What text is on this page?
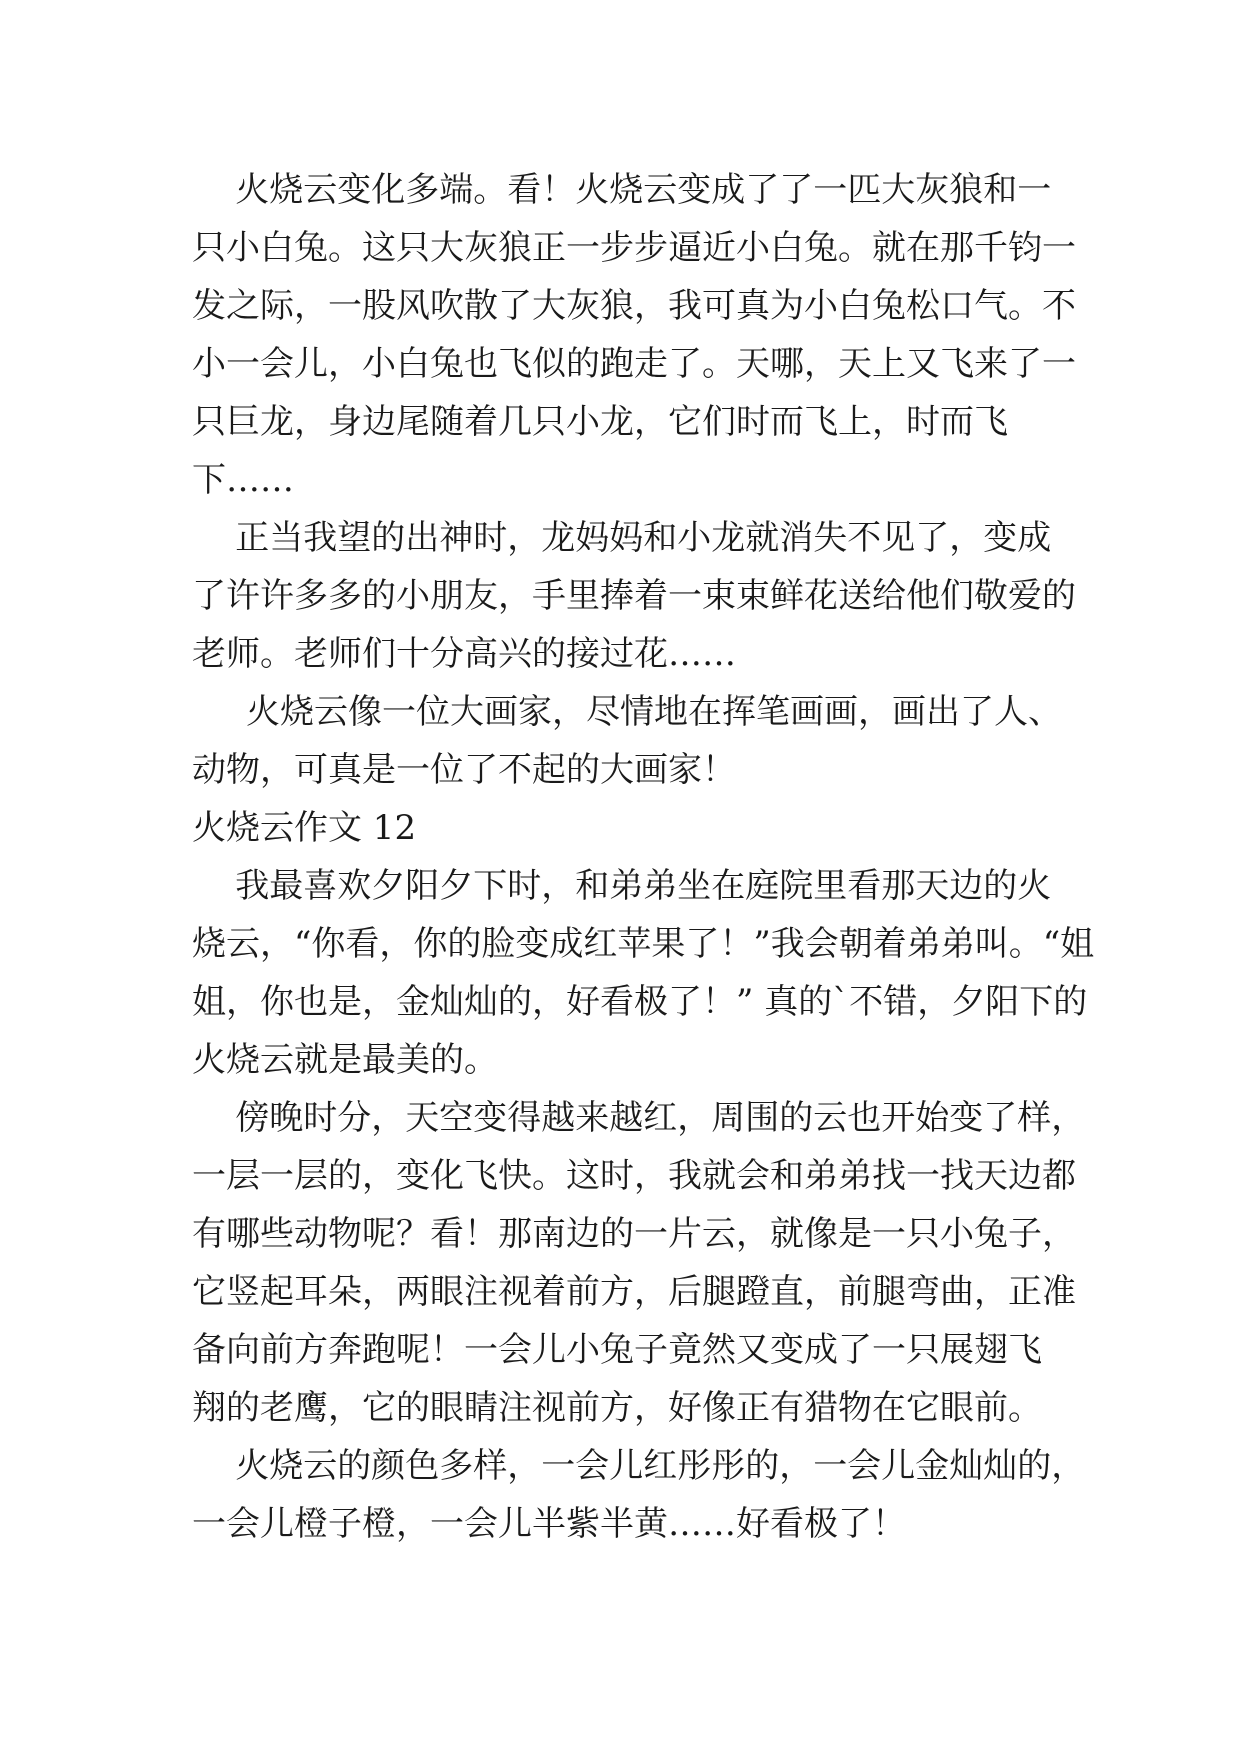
火烧云变化多端。看！火烧云变成了了一匹大灰狼和一
只小白兔。这只大灰狼正一步步逼近小白兔。就在那千钧一
发之际，一股风吹散了大灰狼，我可真为小白兔松口气。不
小一会儿，小白兔也飞似的跑走了。天哪，天上又飞来了一
只巨龙，身边尾随着几只小龙，它们时而飞上，时而飞
下……
正当我望的出神时，龙妈妈和小龙就消失不见了，变成
了许许多多的小朋友，手里捧着一束束鲜花送给他们敬爱的
老师。老师们十分高兴的接过花……
火烧云像一位大画家，尽情地在挥笔画画，画出了人、
动物，可真是一位了不起的大画家！
火烧云作文 12
我最喜欢夕阳夕下时，和弟弟坐在庭院里看那天边的火
烧云，“你看，你的脸变成红苹果了！”我会朝着弟弟叫。“姐
姐，你也是，金灿灿的，好看极了！” 真的`不错，夕阳下的
火烧云就是最美的。
傍晚时分，天空变得越来越红，周围的云也开始变了样，
一层一层的，变化飞快。这时，我就会和弟弟找一找天边都
有哪些动物呢？看！那南边的一片云，就像是一只小兔子，
它竖起耳朵，两眼注视着前方，后腿蹬直，前腿弯曲，正准
备向前方奔跑呢！一会儿小兔子竟然又变成了一只展翅飞
翔的老鹰，它的眼睛注视前方，好像正有猎物在它眼前。
火烧云的颜色多样，一会儿红彤彤的，一会儿金灿灿的，
一会儿橙子橙，一会儿半紫半黄……好看极了！
